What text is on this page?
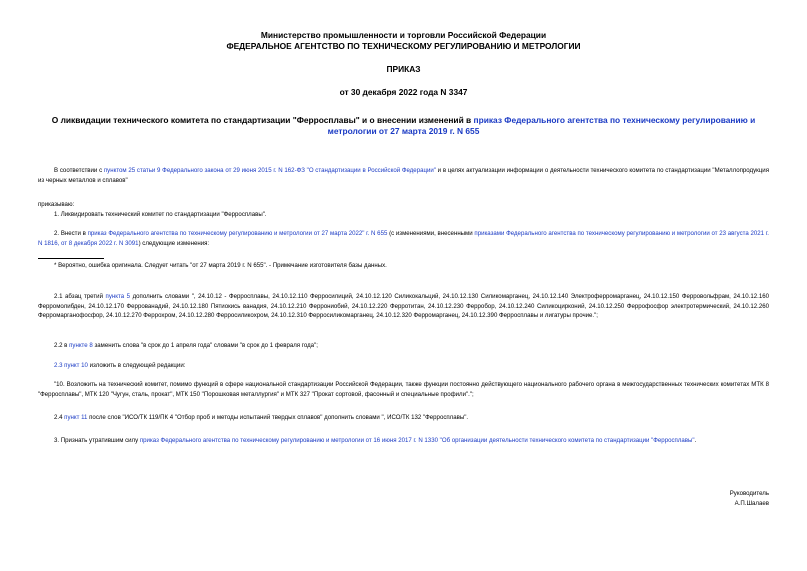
Министерство промышленности и торговли Российской Федерации
ФЕДЕРАЛЬНОЕ АГЕНТСТВО ПО ТЕХНИЧЕСКОМУ РЕГУЛИРОВАНИЮ И МЕТРОЛОГИИ
ПРИКАЗ
от 30 декабря 2022 года N 3347
О ликвидации технического комитета по стандартизации "Ферросплавы" и о внесении изменений в приказ Федерального агентства по техническому регулированию и метрологии от 27 марта 2019 г. N 655
В соответствии с пунктом 25 статьи 9 Федерального закона от 29 июня 2015 г. N 162-ФЗ "О стандартизации в Российской Федерации" и в целях актуализации информации о деятельности технического комитета по стандартизации "Металлопродукция из черных металлов и сплавов"
приказываю:
1. Ликвидировать технический комитет по стандартизации "Ферросплавы".
2. Внести в приказ Федерального агентства по техническому регулированию и метрологии от 27 марта 2022" г. N 655 (с изменениями, внесенными приказами Федерального агентства по техническому регулированию и метрологии от 23 августа 2021 г. N 1816, от 8 декабря 2022 г. N 3091) следующие изменения:
* Вероятно, ошибка оригинала. Следует читать "от 27 марта 2019 г. N 655". - Примечание изготовителя базы данных.
2.1 абзац третий пункта 5 дополнить словами ", 24.10.12 - Ферросплавы, 24.10.12.110 Ферросилиций, 24.10.12.120 Силикокальций, 24.10.12.130 Силикомарганец, 24.10.12.140 Электроферромарганец, 24.10.12.150 Ферровольфрам, 24.10.12.160 Ферромолибден, 24.10.12.170 Феррованадий, 24.10.12.180 Пятиокись ванадия, 24.10.12.210 Феррониобий, 24.10.12.220 Ферротитан, 24.10.12.230 Ферробор, 24.10.12.240 Силикоцирконий, 24.10.12.250 Феррофосфор электротермический, 24.10.12.260 Ферромарганофосфор, 24.10.12.270 Феррохром, 24.10.12.280 Ферросиликохром, 24.10.12.310 Ферросиликомарганец, 24.10.12.320 Ферромарганец, 24.10.12.390 Ферросплавы и лигатуры прочие.";
2.2 в пункте 8 заменить слова "в срок до 1 апреля года" словами "в срок до 1 февраля года";
2.3 пункт 10 изложить в следующей редакции:
"10. Возложить на технический комитет, помимо функций в сфере национальной стандартизации Российской Федерации, также функции постоянно действующего национального рабочего органа в межгосударственных технических комитетах МТК 8 "Ферросплавы", МТК 120 "Чугун, сталь, прокат", МТК 150 "Порошковая металлургия" и МТК 327 "Прокат сортовой, фасонный и специальные профили".";
2.4 пункт 11 после слов "ИСО/ТК 119/ПК 4 "Отбор проб и методы испытаний твердых сплавов" дополнить словами ", ИСО/ТК 132 "Ферросплавы".
3. Признать утратившим силу приказ Федерального агентства по техническому регулированию и метрологии от 16 июня 2017 г. N 1330 "Об организации деятельности технического комитета по стандартизации "Ферросплавы".
Руководитель
А.П.Шалаев
